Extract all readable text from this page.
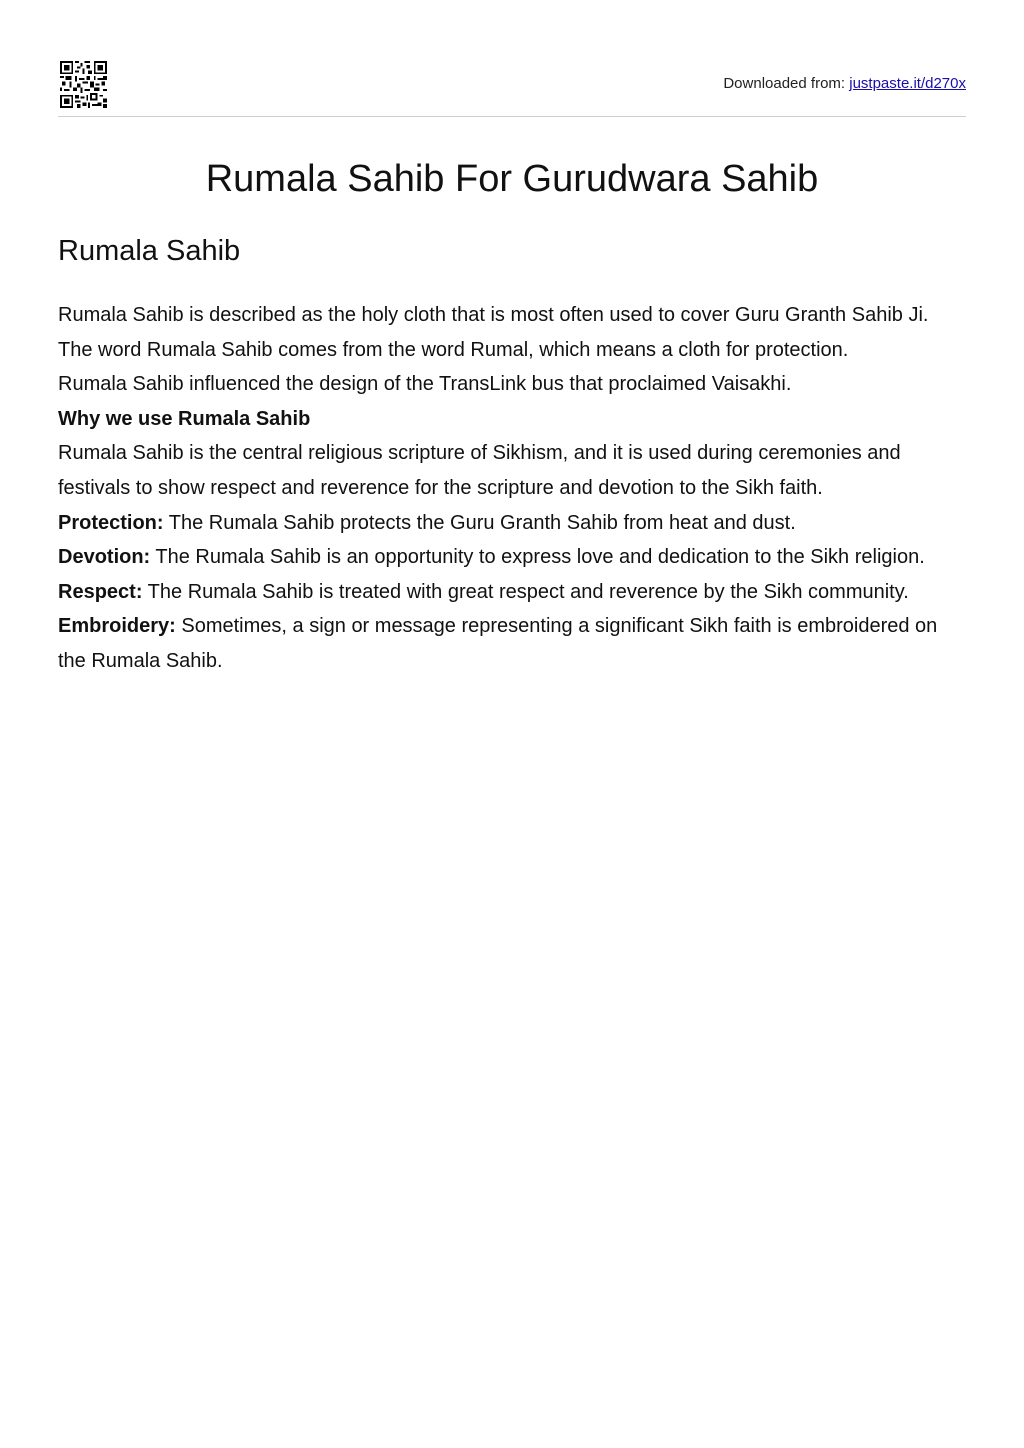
Downloaded from: justpaste.it/d270x
Rumala Sahib For Gurudwara Sahib
Rumala Sahib

Rumala Sahib is described as the holy cloth that is most often used to cover Guru Granth Sahib Ji. The word Rumala Sahib comes from the word Rumal, which means a cloth for protection.

Rumala Sahib influenced the design of the TransLink bus that proclaimed Vaisakhi.

Why we use Rumala Sahib

Rumala Sahib is the central religious scripture of Sikhism, and it is used during ceremonies and festivals to show respect and reverence for the scripture and devotion to the Sikh faith.

Protection: The Rumala Sahib protects the Guru Granth Sahib from heat and dust.

Devotion: The Rumala Sahib is an opportunity to express love and dedication to the Sikh religion.

Respect: The Rumala Sahib is treated with great respect and reverence by the Sikh community. Embroidery: Sometimes, a sign or message representing a significant Sikh faith is embroidered on the Rumala Sahib.
